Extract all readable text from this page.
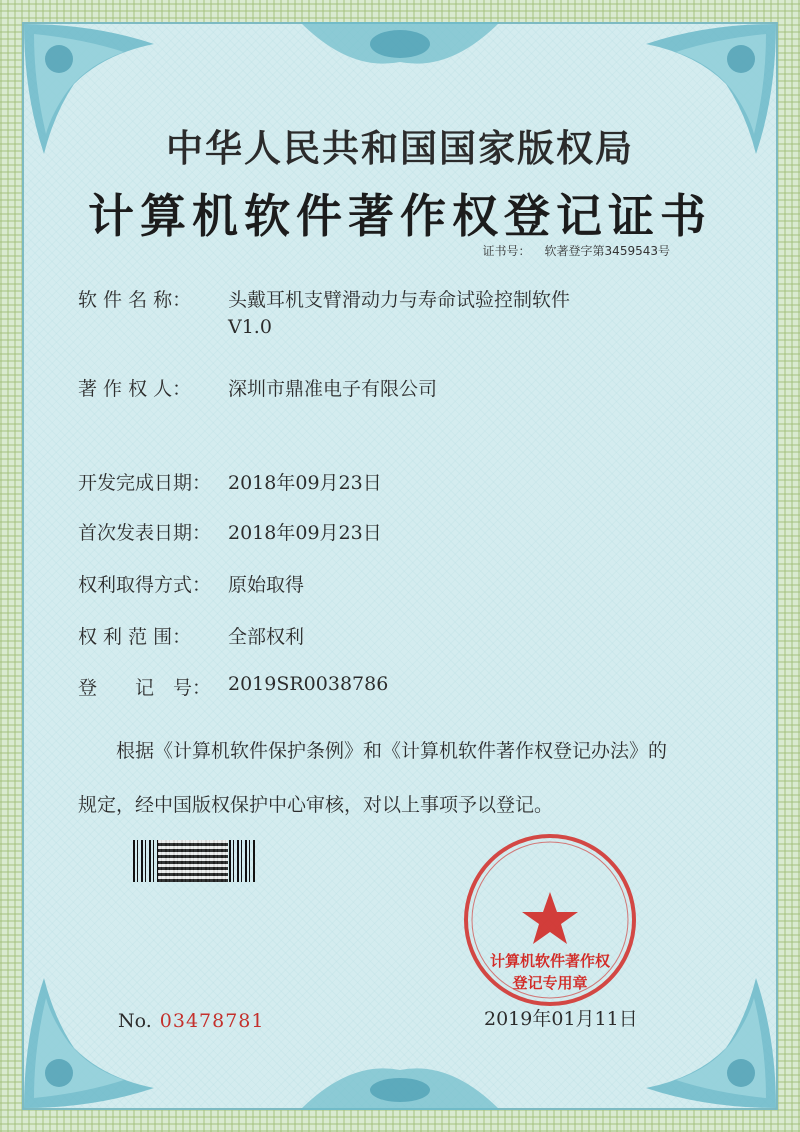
中华人民共和国国家版权局
计算机软件著作权登记证书
证书号： 软著登字第3459543号
软 件 名 称： 头戴耳机支臂滑动力与寿命试验控制软件
V1.0
著 作 权 人： 深圳市鼎准电子有限公司
开发完成日期： 2018年09月23日
首次发表日期： 2018年09月23日
权利取得方式： 原始取得
权 利 范 围： 全部权利
登　　记　号： 2019SR0038786
根据《计算机软件保护条例》和《计算机软件著作权登记办法》的
规定，经中国版权保护中心审核，对以上事项予以登记。
计算机软件著作权
登记专用章
No. 03478781	2019年01月11日
